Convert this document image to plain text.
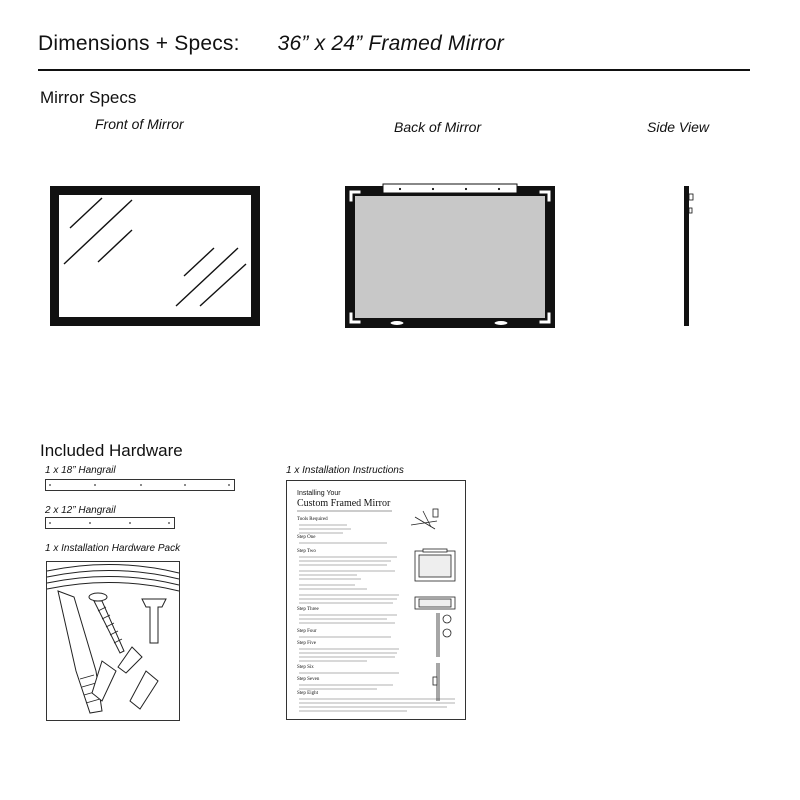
Dimensions + Specs: 36” x 24” Framed Mirror
Mirror Specs
Front of Mirror	Back of Mirror	Side View
Included Hardware
1 x 18” Hangrail
2 x 12” Hangrail
1 x Installation Hardware Pack
1 x Installation Instructions
Installing Your
Custom Framed Mirror
Tools Required
Step One
Step Two
Step Three
Step Four
Step Five
Step Six
Step Seven
Step Eight
